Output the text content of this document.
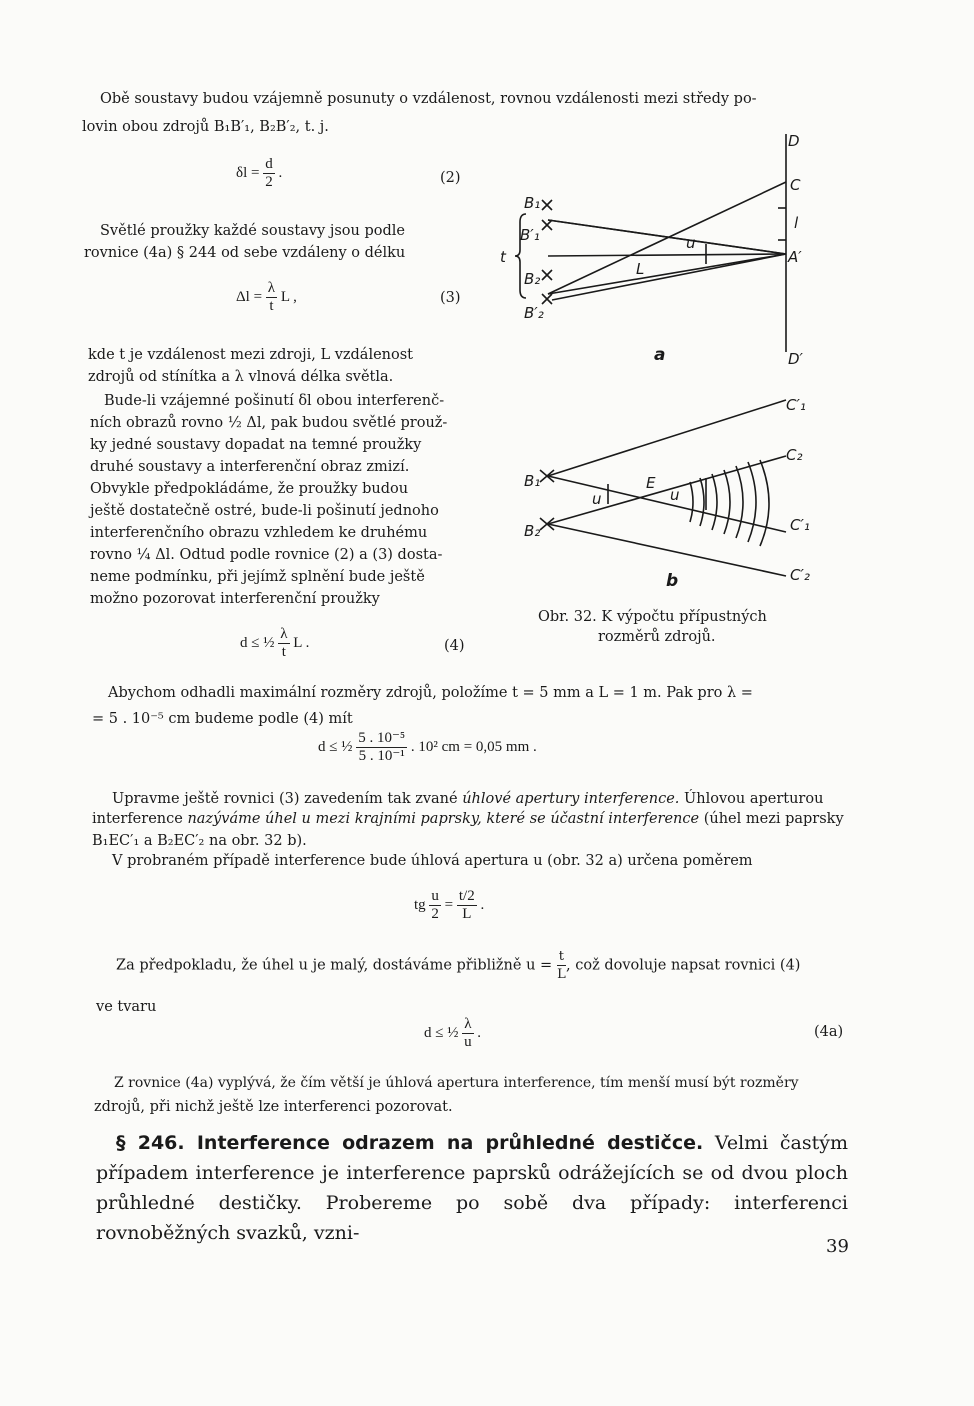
Obě soustavy budou vzájemně posunuty o vzdálenost, rovnou vzdálenosti mezi středy po-
lovin obou zdrojů B₁B′₁, B₂B′₂, t. j.
$\delta l = \frac{d}{2}$ .	(2)
Světlé proužky každé soustavy jsou podle
rovnice (4a) § 244 od sebe vzdáleny o délku
$\Delta l = \frac{\lambda}{t}$ L ,	(3)
kde t je vzdálenost mezi zdroji, L vzdálenost
zdrojů od stínítka a λ vlnová délka světla.
Bude-li vzájemné pošinutí δl obou interferenč-
ních obrazů rovno ½ Δl, pak budou světlé prouž-
ky jedné soustavy dopadat na temné proužky
druhé soustavy a interferenční obraz zmizí.
Obvykle předpokládáme, že proužky budou
ještě dostatečně ostré, bude-li pošinutí jednoho
interferenčního obrazu vzhledem ke druhému
rovno ¼ Δl. Odtud podle rovnice (2) a (3) dosta-
neme podmínku, při jejímž splnění bude ještě
možno pozorovat interferenční proužky
d ≤ ½ $\frac{\lambda}{t}$ L .	(4)
B₁
B′₁
B₂
B′₂
t
u
L
D
C
l
A′
D′
a
C′₁
C₂
B₁
B₂
u
E
u
C′₁
C′₂
b
Obr. 32. K výpočtu přípustných
rozměrů zdrojů.
Abychom odhadli maximální rozměry zdrojů, položíme t = 5 mm a L = 1 m. Pak pro λ =
= 5 . 10⁻⁵ cm budeme podle (4) mít
d ≤ ½ $\frac{\text{5 . 10⁻⁵}}{\text{5 . 10⁻¹}}$ . 10² cm = 0,05 mm .
Upravme ještě rovnici (3) zavedením tak zvané úhlové apertury interference. Úhlovou aperturou
interference nazýváme úhel u mezi krajními paprsky, které se účastní interference (úhel mezi paprsky
B₁EC′₁ a B₂EC′₂ na obr. 32 b).
V probraném případě interference bude úhlová apertura u (obr. 32 a) určena poměrem
tg $\frac{u}{2} = \frac{t/2}{L}$ .
Za předpokladu, že úhel u je malý, dostáváme přibližně $u = \frac{t}{L}$ , což dovoluje napsat rovnici (4)
ve tvaru
d ≤ ½ $\frac{\lambda}{u}$ .	(4a)
Z rovnice (4a) vyplývá, že čím větší je úhlová apertura interference, tím menší musí být rozměry
zdrojů, při nichž ještě lze interferenci pozorovat.
§ 246. Interference odrazem na průhledné destičce. Velmi častým případem interference je interference paprsků odrážejících se od dvou ploch průhledné destičky. Probereme po sobě dva případy: interferenci rovnoběžných svazků, vzni-
39
